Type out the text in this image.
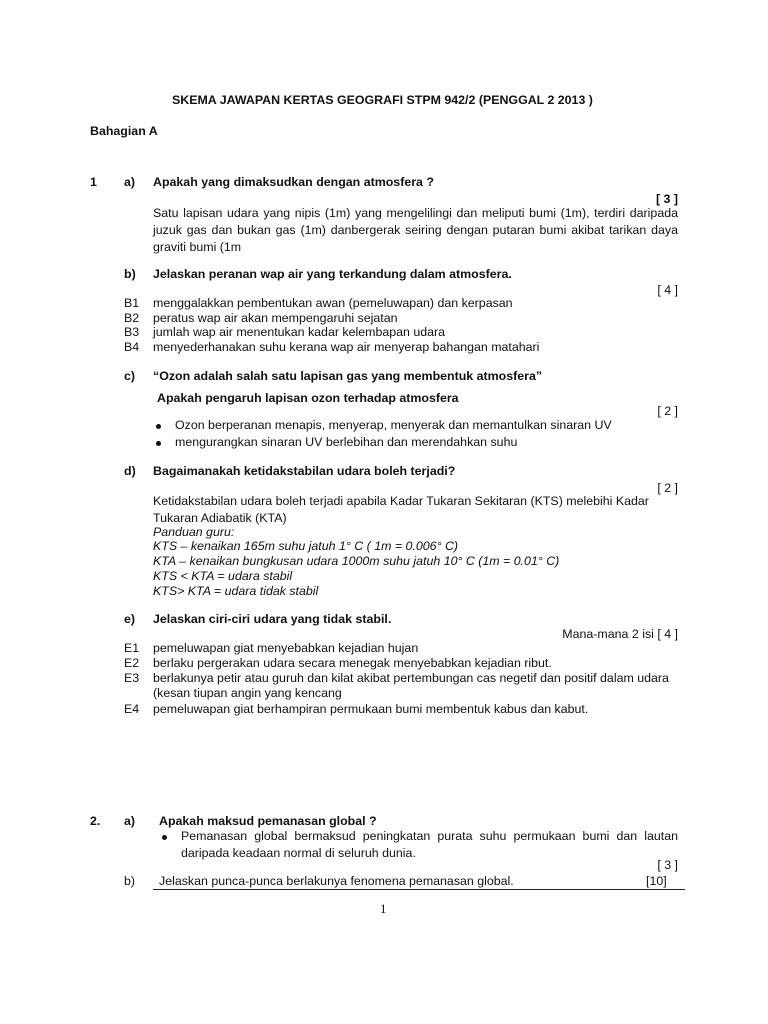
SKEMA JAWAPAN KERTAS GEOGRAFI STPM 942/2 (PENGGAL 2 2013 )
Bahagian A
1 a) Apakah yang dimaksudkan dengan atmosfera ?
[ 3 ]
Satu lapisan udara yang nipis (1m) yang mengelilingi dan meliputi bumi (1m), terdiri daripada juzuk gas dan bukan gas (1m) danbergerak seiring dengan putaran bumi akibat tarikan daya graviti bumi (1m
b) Jelaskan peranan wap air yang terkandung dalam atmosfera.
[ 4 ]
B1 menggalakkan pembentukan awan (pemeluwapan) dan kerpasan
B2 peratus wap air akan mempengaruhi sejatan
B3 jumlah wap air menentukan kadar kelembapan udara
B4 menyederhanakan suhu kerana wap air menyerap bahangan matahari
c) “Ozon adalah salah satu lapisan gas yang membentuk atmosfera”
Apakah pengaruh lapisan ozon terhadap atmosfera
[ 2 ]
Ozon berperanan menapis, menyerap, menyerak dan memantulkan sinaran UV
mengurangkan sinaran UV berlebihan dan merendahkan suhu
d) Bagaimanakah ketidakstabilan udara boleh terjadi?
[ 2 ]
Ketidakstabilan udara boleh terjadi apabila Kadar Tukaran Sekitaran (KTS) melebihi Kadar
Tukaran Adiabatik (KTA)
Panduan guru:
KTS – kenaikan 165m suhu jatuh 1° C ( 1m = 0.006° C)
KTA – kenaikan bungkusan udara 1000m suhu jatuh 10° C (1m = 0.01° C)
KTS < KTA = udara stabil
KTS> KTA = udara tidak stabil
e) Jelaskan ciri-ciri udara yang tidak stabil.
Mana-mana 2 isi [ 4 ]
E1 pemeluwapan giat menyebabkan kejadian hujan
E2 berlaku pergerakan udara secara menegak menyebabkan kejadian ribut.
E3 berlakunya petir atau guruh dan kilat akibat pertembungan cas negetif dan positif dalam udara
(kesan tiupan angin yang kencang
E4 pemeluwapan giat berhampiran permukaan bumi membentuk kabus dan kabut.
2. a) Apakah maksud pemanasan global ?
Pemanasan global bermaksud peningkatan purata suhu permukaan bumi dan lautan daripada keadaan normal di seluruh dunia.
[ 3 ]
b) Jelaskan punca-punca berlakunya fenomena pemanasan global.	[10]
1
